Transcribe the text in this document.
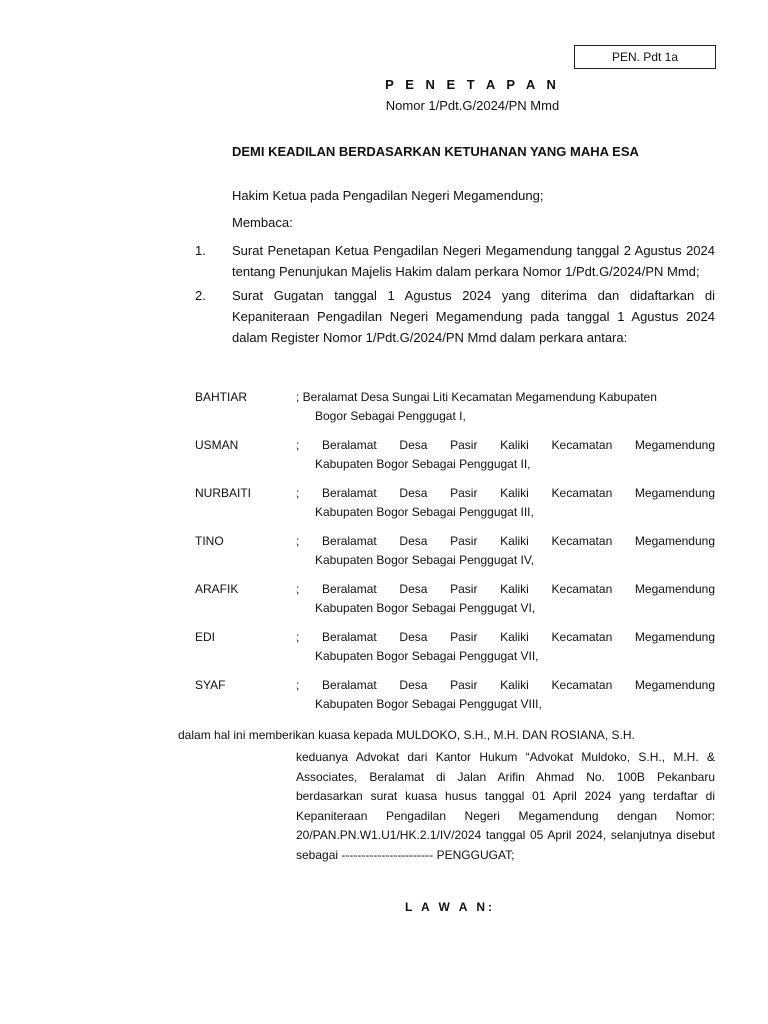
PEN. Pdt 1a
P E N E T A P A N
Nomor 1/Pdt.G/2024/PN Mmd
DEMI KEADILAN BERDASARKAN KETUHANAN YANG MAHA ESA
Hakim Ketua pada Pengadilan Negeri Megamendung;
Membaca:
1.	Surat Penetapan Ketua Pengadilan Negeri Megamendung tanggal 2 Agustus 2024 tentang Penunjukan Majelis Hakim dalam perkara Nomor 1/Pdt.G/2024/PN Mmd;
2.	Surat Gugatan tanggal 1 Agustus 2024 yang diterima dan didaftarkan di Kepaniteraan Pengadilan Negeri Megamendung pada tanggal 1 Agustus 2024 dalam Register Nomor 1/Pdt.G/2024/PN Mmd dalam perkara antara:
BAHTIAR	; Beralamat Desa Sungai Liti Kecamatan Megamendung Kabupaten
Bogor Sebagai Penggugat I,
USMAN	; Beralamat Desa Pasir Kaliki Kecamatan Megamendung
Kabupaten Bogor Sebagai Penggugat II,
NURBAITI	; Beralamat Desa Pasir Kaliki Kecamatan Megamendung
Kabupaten Bogor Sebagai Penggugat III,
TINO	; Beralamat Desa Pasir Kaliki Kecamatan Megamendung
Kabupaten Bogor Sebagai Penggugat IV,
ARAFIK	; Beralamat Desa Pasir Kaliki Kecamatan Megamendung
Kabupaten Bogor Sebagai Penggugat VI,
EDI	; Beralamat Desa Pasir Kaliki Kecamatan Megamendung
Kabupaten Bogor Sebagai Penggugat VII,
SYAF	; Beralamat Desa Pasir Kaliki Kecamatan Megamendung
Kabupaten Bogor Sebagai Penggugat VIII,
dalam hal ini memberikan kuasa kepada MULDOKO, S.H., M.H. DAN ROSIANA, S.H.
keduanya Advokat dari Kantor Hukum “Advokat Muldoko, S.H., M.H. & Associates, Beralamat di Jalan Arifin Ahmad No. 100B Pekanbaru berdasarkan surat kuasa husus tanggal 01 April 2024 yang terdaftar di Kepaniteraan Pengadilan Negeri Megamendung dengan Nomor: 20/PAN.PN.W1.U1/HK.2.1/IV/2024 tanggal 05 April 2024, selanjutnya disebut sebagai ----------------------- PENGGUGAT;
L A W A N:
